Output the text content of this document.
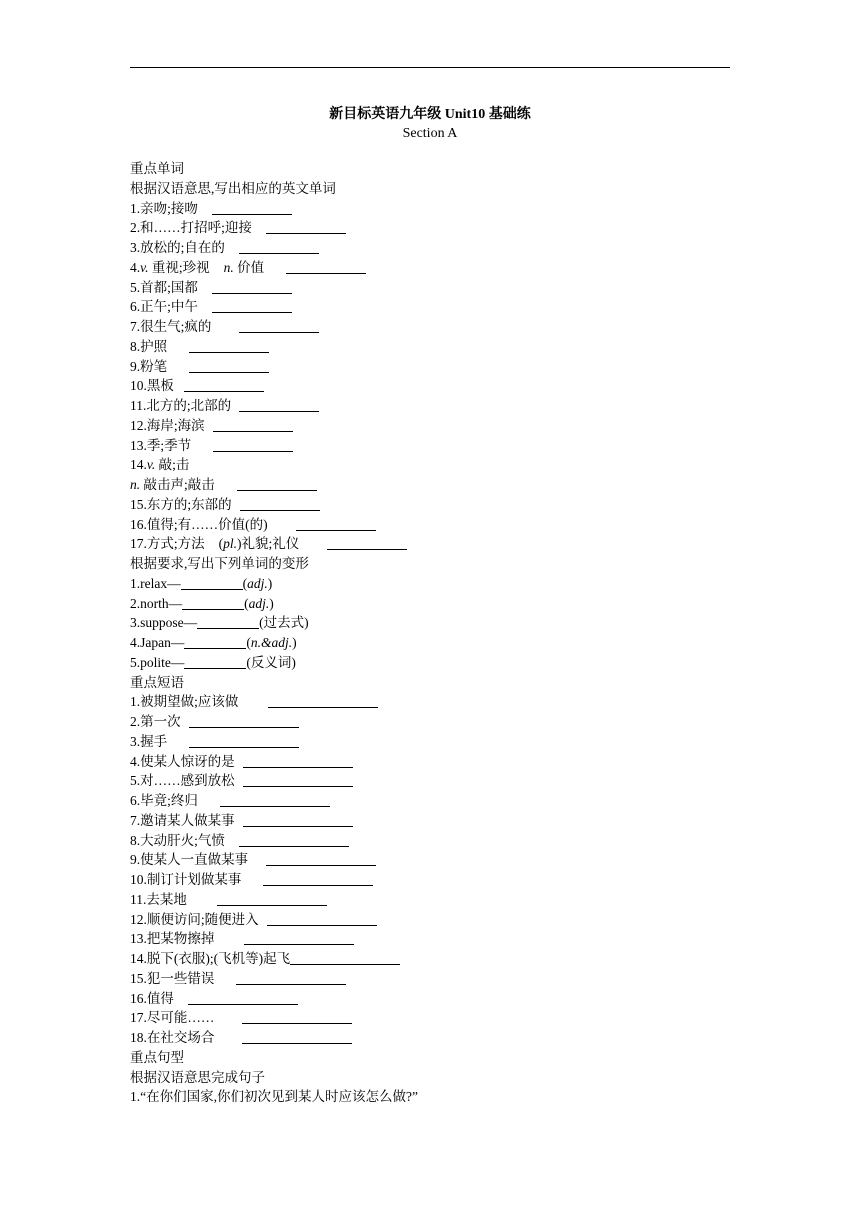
新目标英语九年级 Unit10 基础练
Section A
重点单词
根据汉语意思,写出相应的英文单词
1.亲吻;接吻
2.和……打招呼;迎接
3.放松的;自在的
4.v. 重视;珍视 n. 价值
5.首都;国都
6.正午;中午
7.很生气;疯的
8.护照
9.粉笔
10.黑板
11.北方的;北部的
12.海岸;海滨
13.季;季节
14.v. 敲;击
n. 敲击声;敲击
15.东方的;东部的
16.值得;有……价值(的)
17.方式;方法 (pl.)礼貌;礼仪
根据要求,写出下列单词的变形
1.relax—	(adj.)
2.north—	(adj.)
3.suppose—	(过去式)
4.Japan—	(n.&adj.)
5.polite—	(反义词)
重点短语
1.被期望做;应该做
2.第一次
3.握手
4.使某人惊讶的是
5.对……感到放松
6.毕竟;终归
7.邀请某人做某事
8.大动肝火;气愤
9.使某人一直做某事
10.制订计划做某事
11.去某地
12.顺便访问;随便进入
13.把某物擦掉
14.脱下(衣服);(飞机等)起飞
15.犯一些错误
16.值得
17.尽可能……
18.在社交场合
重点句型
根据汉语意思完成句子
1.“在你们国家,你们初次见到某人时应该怎么做?”
